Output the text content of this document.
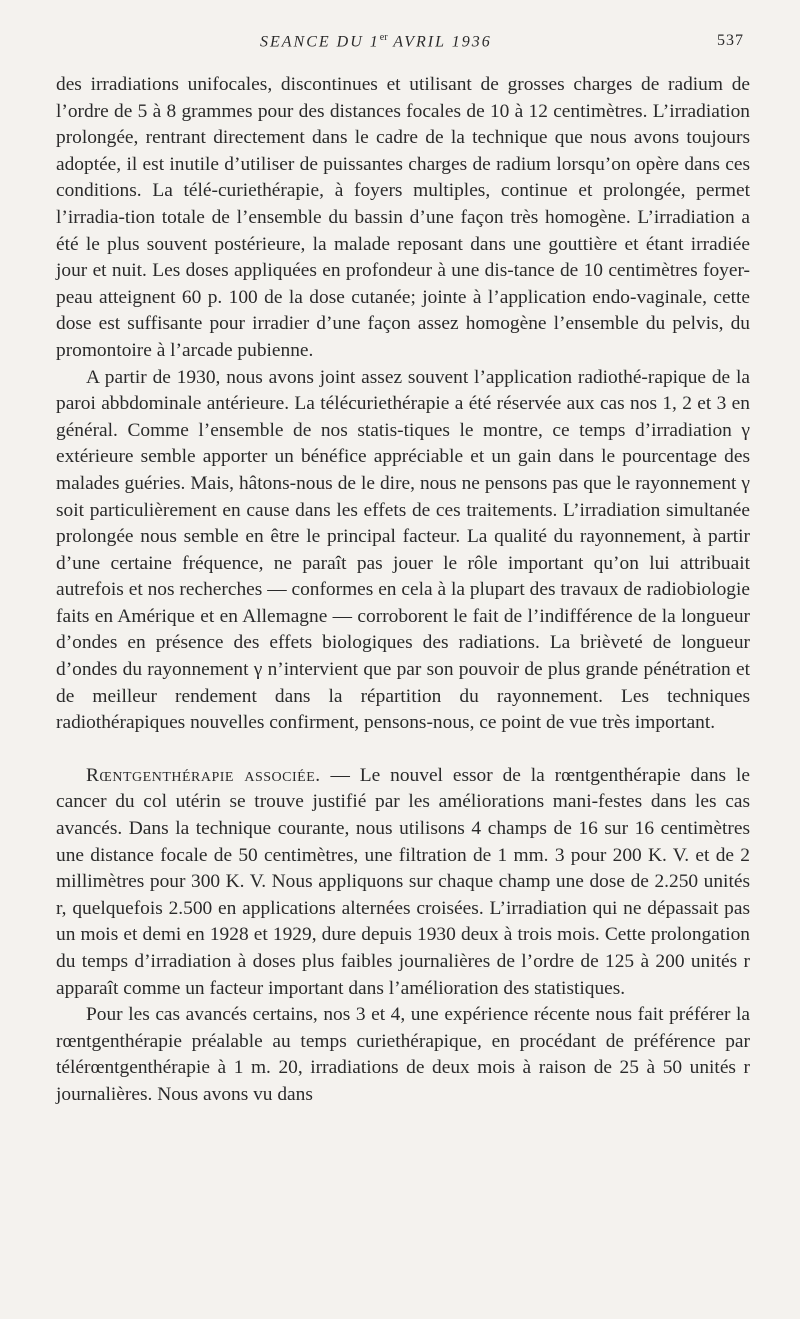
SEANCE DU 1er AVRIL 1936	537

des irradiations unifocales, discontinues et utilisant de grosses charges de radium de l’ordre de 5 à 8 grammes pour des distances focales de 10 à 12 centimètres. L’irradiation prolongée, rentrant directement dans le cadre de la technique que nous avons toujours adoptée, il est inutile d’utiliser de puissantes charges de radium lorsqu’on opère dans ces conditions. La télé-curiethérapie, à foyers multiples, continue et prolongée, permet l’irradia-tion totale de l’ensemble du bassin d’une façon très homogène. L’irradiation a été le plus souvent postérieure, la malade reposant dans une gouttière et étant irradiée jour et nuit. Les doses appliquées en profondeur à une dis-tance de 10 centimètres foyer-peau atteignent 60 p. 100 de la dose cutanée; jointe à l’application endo-vaginale, cette dose est suffisante pour irradier d’une façon assez homogène l’ensemble du pelvis, du promontoire à l’arcade pubienne.

A partir de 1930, nous avons joint assez souvent l’application radiothé-rapique de la paroi abbdominale antérieure. La télécuriethérapie a été réservée aux cas nos 1, 2 et 3 en général. Comme l’ensemble de nos statis-tiques le montre, ce temps d’irradiation γ extérieure semble apporter un bénéfice appréciable et un gain dans le pourcentage des malades guéries. Mais, hâtons-nous de le dire, nous ne pensons pas que le rayonnement γ soit particulièrement en cause dans les effets de ces traitements. L’irradiation simultanée prolongée nous semble en être le principal facteur. La qualité du rayonnement, à partir d’une certaine fréquence, ne paraît pas jouer le rôle important qu’on lui attribuait autrefois et nos recherches — conformes en cela à la plupart des travaux de radiobiologie faits en Amérique et en Allemagne — corroborent le fait de l’indifférence de la longueur d’ondes en présence des effets biologiques des radiations. La brièveté de longueur d’ondes du rayonnement γ n’intervient que par son pouvoir de plus grande pénétration et de meilleur rendement dans la répartition du rayonnement. Les techniques radiothérapiques nouvelles confirment, pensons-nous, ce point de vue très important.

Rœntgenthérapie associée. — Le nouvel essor de la rœntgenthérapie dans le cancer du col utérin se trouve justifié par les améliorations mani-festes dans les cas avancés. Dans la technique courante, nous utilisons 4 champs de 16 sur 16 centimètres une distance focale de 50 centimètres, une filtration de 1 mm. 3 pour 200 K. V. et de 2 millimètres pour 300 K. V. Nous appliquons sur chaque champ une dose de 2.250 unités r, quelquefois 2.500 en applications alternées croisées. L’irradiation qui ne dépassait pas un mois et demi en 1928 et 1929, dure depuis 1930 deux à trois mois. Cette prolongation du temps d’irradiation à doses plus faibles journalières de l’ordre de 125 à 200 unités r apparaît comme un facteur important dans l’amélioration des statistiques.

Pour les cas avancés certains, nos 3 et 4, une expérience récente nous fait préférer la rœntgenthérapie préalable au temps curiethérapique, en procédant de préférence par télérœntgenthérapie à 1 m. 20, irradiations de deux mois à raison de 25 à 50 unités r journalières. Nous avons vu dans
